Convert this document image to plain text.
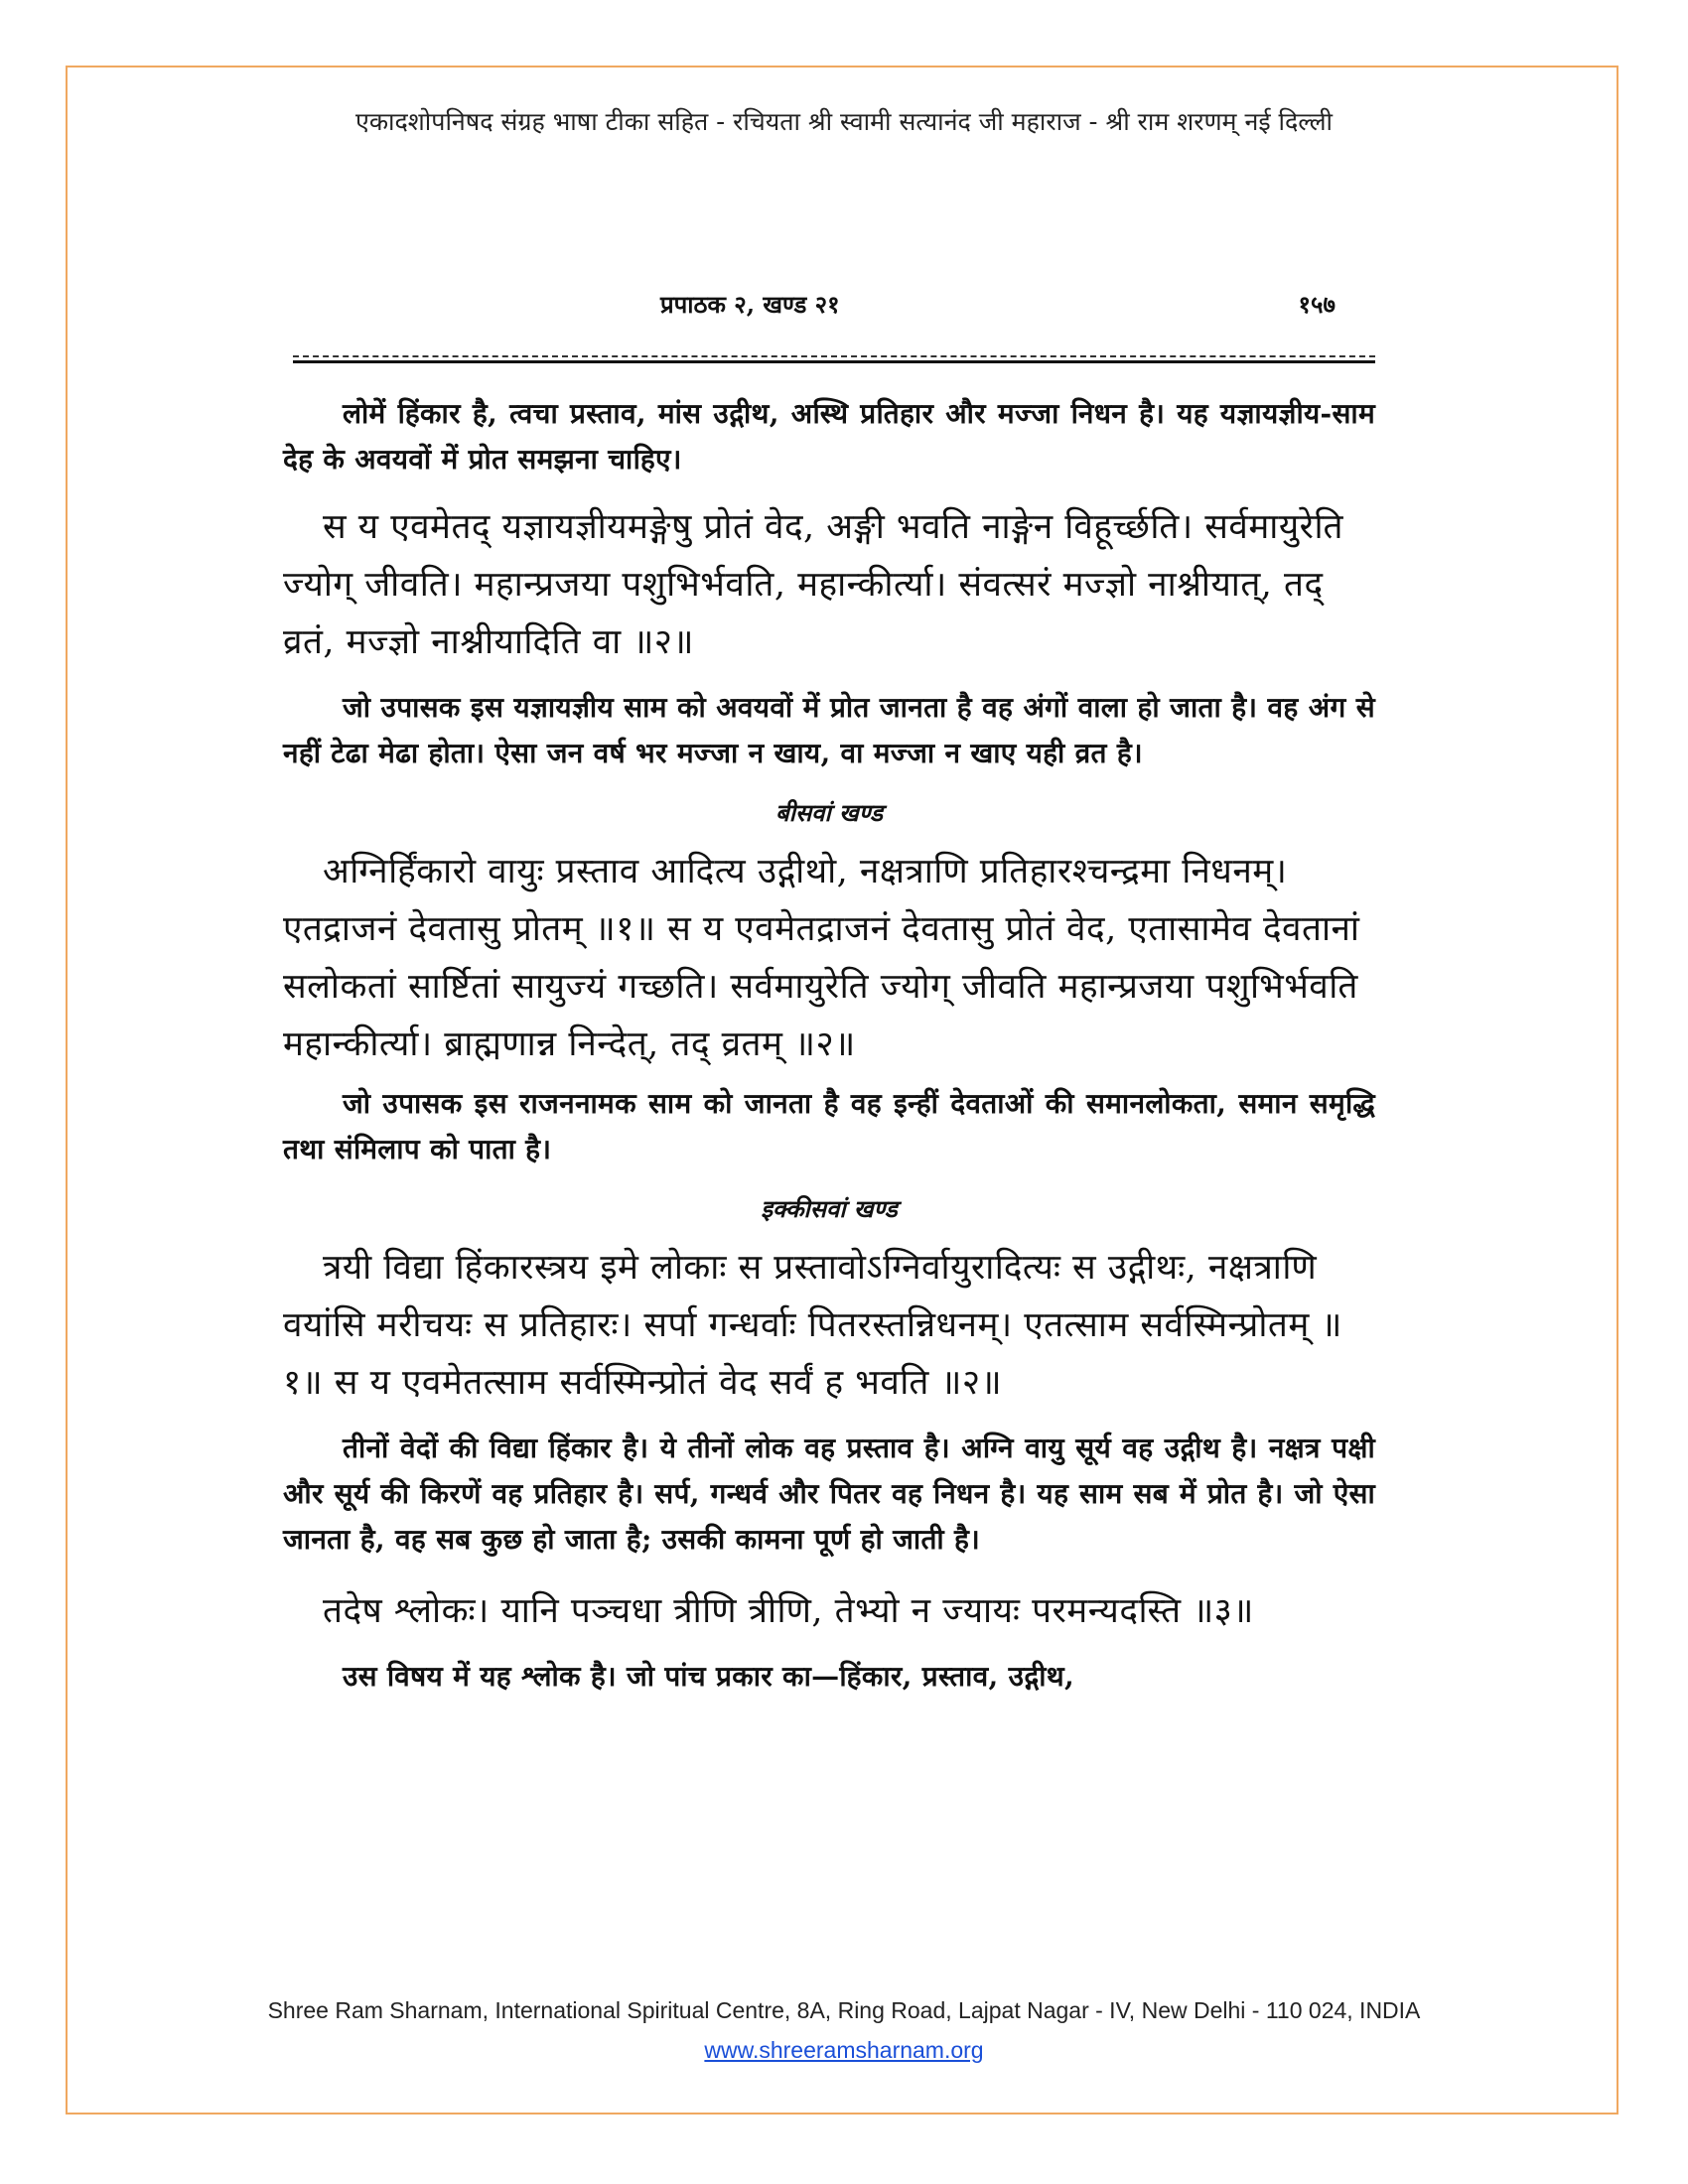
एकादशोपनिषद संग्रह भाषा टीका सहित - रचियता श्री स्वामी सत्यानंद जी महाराज - श्री राम शरणम् नई दिल्ली
प्रपाठक २, खण्ड २१	१५७

लोमें हिंकार है, त्वचा प्रस्ताव, मांस उद्गीथ, अस्थि प्रतिहार और मज्जा निधन है। यह यज्ञायज्ञीय-साम देह के अवयवों में प्रोत समझना चाहिए।

स य एवमेतद् यज्ञायज्ञीयमङ्गेषु प्रोतं वेद, अङ्गी भवति नाङ्गेन विहूर्च्छति। सर्वमायुरेति ज्योग् जीवति। महान्प्रजया पशुभिर्भवति, महान्कीर्त्या। संवत्सरं मज्ज्ञो नाश्नीयात्, तद् व्रतं, मज्ज्ञो नाश्नीयादिति वा ॥२॥

जो उपासक इस यज्ञायज्ञीय साम को अवयवों में प्रोत जानता है वह अंगों वाला हो जाता है। वह अंग से नहीं टेढा मेढा होता। ऐसा जन वर्ष भर मज्जा न खाय, वा मज्जा न खाए यही व्रत है।

बीसवां खण्ड

अग्निर्हिंकारो वायुः प्रस्ताव आदित्य उद्गीथो, नक्षत्राणि प्रतिहारश्चन्द्रमा निधनम्। एतद्राजनं देवतासु प्रोतम् ॥१॥ स य एवमेतद्राजनं देवतासु प्रोतं वेद, एतासामेव देवतानां सलोकतां सार्ष्टितां सायुज्यं गच्छति। सर्वमायुरेति ज्योग् जीवति महान्प्रजया पशुभिर्भवति महान्कीर्त्या। ब्राह्मणान्न निन्देत्, तद् व्रतम् ॥२॥

जो उपासक इस राजननामक साम को जानता है वह इन्हीं देवताओं की समानलोकता, समान समृद्धि तथा संमिलाप को पाता है।

इक्कीसवां खण्ड

त्रयी विद्या हिंकारस्त्रय इमे लोकाः स प्रस्तावोऽग्निर्वायुरादित्यः स उद्गीथः, नक्षत्राणि वयांसि मरीचयः स प्रतिहारः। सर्पा गन्धर्वाः पितरस्तन्निधनम्। एतत्साम सर्वस्मिन्प्रोतम् ॥१॥ स य एवमेतत्साम सर्वस्मिन्प्रोतं वेद सर्वं ह भवति ॥२॥

तीनों वेदों की विद्या हिंकार है। ये तीनों लोक वह प्रस्ताव है। अग्नि वायु सूर्य वह उद्गीथ है। नक्षत्र पक्षी और सूर्य की किरणें वह प्रतिहार है। सर्प, गन्धर्व और पितर वह निधन है। यह साम सब में प्रोत है। जो ऐसा जानता है, वह सब कुछ हो जाता है; उसकी कामना पूर्ण हो जाती है।

तदेष श्लोकः। यानि पञ्चधा त्रीणि त्रीणि, तेभ्यो न ज्यायः परमन्यदस्ति ॥३॥

उस विषय में यह श्लोक है। जो पांच प्रकार का—हिंकार, प्रस्ताव, उद्गीथ,

Shree Ram Sharnam, International Spiritual Centre, 8A, Ring Road, Lajpat Nagar - IV, New Delhi - 110 024, INDIA
www.shreeramsharnam.org
